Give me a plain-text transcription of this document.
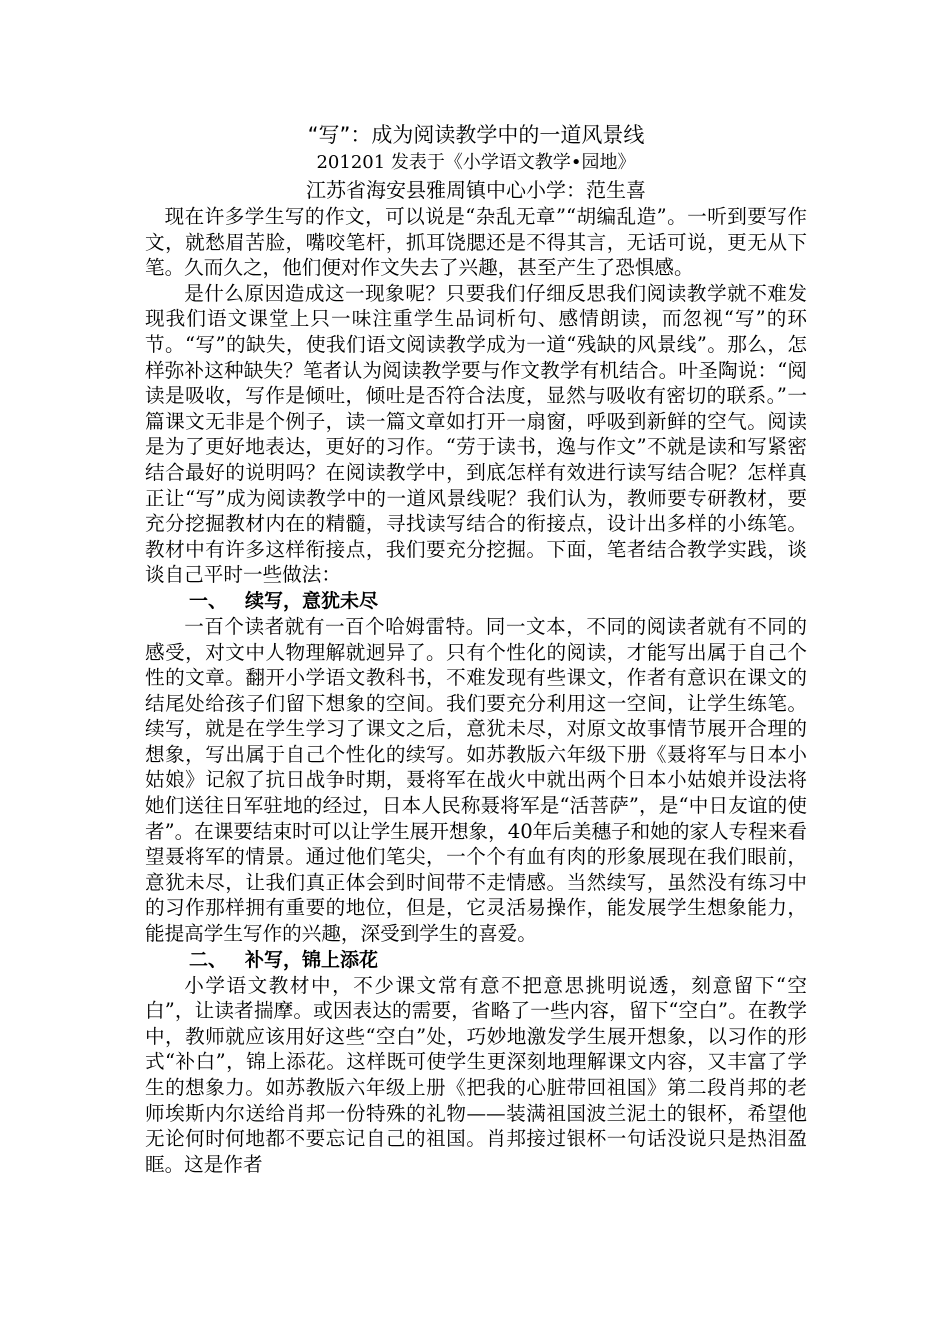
“写”：成为阅读教学中的一道风景线

201201 发表于《小学语文教学•园地》

江苏省海安县雅周镇中心小学：范生喜

现在许多学生写的作文，可以说是“杂乱无章”“胡编乱造”。一听到要写作文，就愁眉苦脸，嘴咬笔杆，抓耳饶腮还是不得其言，无话可说，更无从下笔。久而久之，他们便对作文失去了兴趣，甚至产生了恐惧感。

是什么原因造成这一现象呢？只要我们仔细反思我们阅读教学就不难发现我们语文课堂上只一味注重学生品词析句、感情朗读，而忽视“写”的环节。“写”的缺失，使我们语文阅读教学成为一道“残缺的风景线”。那么，怎样弥补这种缺失？笔者认为阅读教学要与作文教学有机结合。叶圣陶说：“阅读是吸收，写作是倾吐，倾吐是否符合法度，显然与吸收有密切的联系。”一篇课文无非是个例子，读一篇文章如打开一扇窗，呼吸到新鲜的空气。阅读是为了更好地表达，更好的习作。“劳于读书，逸与作文”不就是读和写紧密结合最好的说明吗？在阅读教学中，到底怎样有效进行读写结合呢？怎样真正让“写”成为阅读教学中的一道风景线呢？我们认为，教师要专研教材，要充分挖掘教材内在的精髓，寻找读写结合的衔接点，设计出多样的小练笔。教材中有许多这样衔接点，我们要充分挖掘。下面，笔者结合教学实践，谈谈自己平时一些做法：

一、 续写，意犹未尽

一百个读者就有一百个哈姆雷特。同一文本，不同的阅读者就有不同的感受，对文中人物理解就迥异了。只有个性化的阅读，才能写出属于自己个性的文章。翻开小学语文教科书，不难发现有些课文，作者有意识在课文的结尾处给孩子们留下想象的空间。我们要充分利用这一空间，让学生练笔。续写，就是在学生学习了课文之后，意犹未尽，对原文故事情节展开合理的想象，写出属于自己个性化的续写。如苏教版六年级下册《聂将军与日本小姑娘》记叙了抗日战争时期，聂将军在战火中就出两个日本小姑娘并设法将她们送往日军驻地的经过，日本人民称聂将军是“活菩萨”，是“中日友谊的使者”。在课要结束时可以让学生展开想象，40年后美穗子和她的家人专程来看望聂将军的情景。通过他们笔尖，一个个有血有肉的形象展现在我们眼前，意犹未尽，让我们真正体会到时间带不走情感。当然续写，虽然没有练习中的习作那样拥有重要的地位，但是，它灵活易操作，能发展学生想象能力，能提高学生写作的兴趣，深受到学生的喜爱。

二、 补写，锦上添花

小学语文教材中，不少课文常有意不把意思挑明说透，刻意留下“空白”，让读者揣摩。或因表达的需要，省略了一些内容，留下“空白”。在教学中，教师就应该用好这些“空白”处，巧妙地激发学生展开想象，以习作的形式“补白”，锦上添花。这样既可使学生更深刻地理解课文内容，又丰富了学生的想象力。如苏教版六年级上册《把我的心脏带回祖国》第二段肖邦的老师埃斯内尔送给肖邦一份特殊的礼物——装满祖国波兰泥土的银杯，希望他无论何时何地都不要忘记自己的祖国。肖邦接过银杯一句话没说只是热泪盈眶。这是作者
